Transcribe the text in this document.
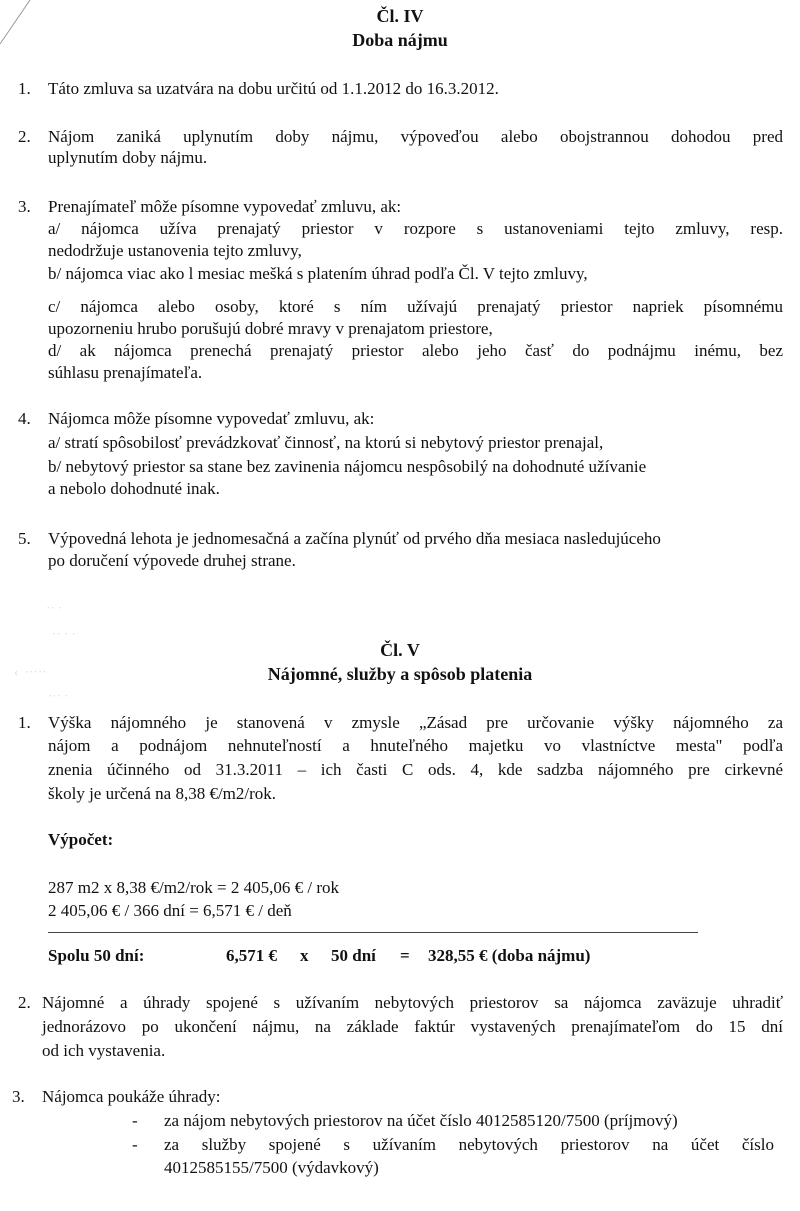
Čl. IV
Doba nájmu
1. Táto zmluva sa uzatvára na dobu určitú od 1.1.2012 do 16.3.2012.
2. Nájom zaniká uplynutím doby nájmu, výpoveďou alebo obojstrannou dohodou pred
uplynutím doby nájmu.
3. Prenajímateľ môže písomne vypovedať zmluvu, ak:
a/ nájomca užíva prenajatý priestor v rozpore s ustanoveniami tejto zmluvy, resp.
nedodržuje ustanovenia tejto zmluvy,
b/ nájomca viac ako l mesiac mešká s platením úhrad podľa Čl. V tejto zmluvy,
c/ nájomca alebo osoby, ktoré s ním užívajú prenajatý priestor napriek písomnému
upozorneniu hrubo porušujú dobré mravy v prenajatom priestore,
d/ ak nájomca prenechá prenajatý priestor alebo jeho časť do podnájmu inému, bez
súhlasu prenajímateľa.
4. Nájomca môže písomne vypovedať zmluvu, ak:
a/ stratí spôsobilosť prevádzkovať činnosť, na ktorú si nebytový priestor prenajal,
b/ nebytový priestor sa stane bez zavinenia nájomcu nespôsobilý na dohodnuté užívanie
a nebolo dohodnuté inak.
5. Výpovedná lehota je jednomesačná a začína plynúť od prvého dňa mesiaca nasledujúceho
po doručení výpovede druhej strane.
·· ·
·· · ·
‹  ·····
··· ·
Čl. V
Nájomné, služby a spôsob platenia
1. Výška nájomného je stanovená v zmysle „Zásad pre určovanie výšky nájomného za
nájom a podnájom nehnuteľností a hnuteľného majetku vo vlastníctve mesta" podľa
znenia účinného od 31.3.2011 – ich časti C ods. 4, kde sadzba nájomného pre cirkevné
školy je určená na 8,38 €/m2/rok.
Výpočet:
287 m2 x 8,38 €/m2/rok = 2 405,06 € / rok
2 405,06 € / 366 dní = 6,571 € / deň
Spolu 50 dní:	6,571 € x 50 dní = 328,55 € (doba nájmu)
2. Nájomné a úhrady spojené s užívaním nebytových priestorov sa nájomca zaväzuje uhradiť
jednorázovo po ukončení nájmu, na základe faktúr vystavených prenajímateľom do 15 dní
od ich vystavenia.
3. Nájomca poukáže úhrady:
- za nájom nebytových priestorov na účet číslo 4012585120/7500 (príjmový)
- za služby spojené s užívaním nebytových priestorov na účet číslo
4012585155/7500 (výdavkový)
